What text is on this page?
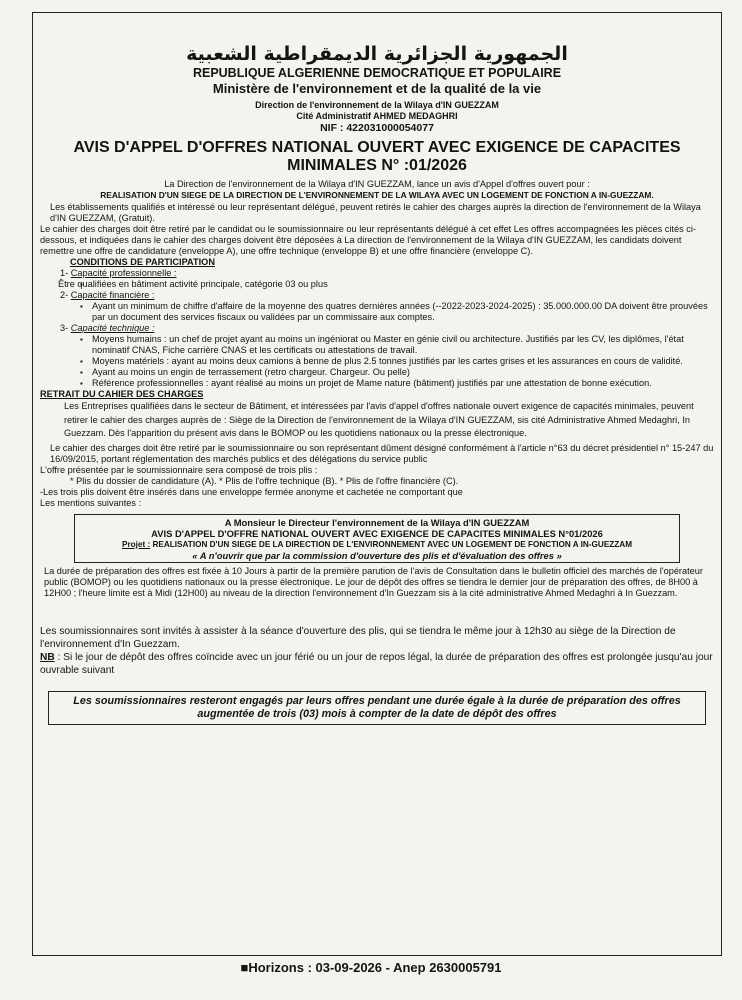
الجمهورية الجزائرية الديمقراطية الشعبية
REPUBLIQUE ALGERIENNE DEMOCRATIQUE ET POPULAIRE
Ministère de l'environnement et de la qualité de la vie
Direction de l'environnement de la Wilaya d'IN GUEZZAM
Cité Administratif AHMED MEDAGHRI
NIF : 422031000054077
AVIS D'APPEL D'OFFRES NATIONAL OUVERT AVEC EXIGENCE DE CAPACITES MINIMALES N° :01/2026
La Direction de l'environnement de la Wilaya d'IN GUEZZAM, lance un avis d'Appel d'offres ouvert pour :
REALISATION D'UN SIEGE DE LA DIRECTION DE L'ENVIRONNEMENT DE LA WILAYA AVEC UN LOGEMENT DE FONCTION A IN-GUEZZAM.
Les établissements qualifiés et intéressé ou leur représentant délégué, peuvent retirés le cahier des charges auprès la direction de l'environnement de la Wilaya d'IN GUEZZAM, (Gratuit).
Le cahier des charges doit être retiré par le candidat ou le soumissionnaire ou leur représentants délégué à cet effet Les offres accompagnées les pièces cités ci-dessous, et indiquées dans le cahier des charges doivent être déposées à La direction de l'environnement de la Wilaya d'IN GUEZZAM, les candidats doivent remettre une offre de candidature (enveloppe A), une offre technique (enveloppe B) et une offre financière (enveloppe C).
CONDITIONS DE PARTICIPATION
1- Capacité professionnelle :
▪ Être qualifiées en bâtiment activité principale, catégorie 03 ou plus
2- Capacité financière :
▪ Ayant un minimum de chiffre d'affaire de la moyenne des quatres dernières années (--2022-2023-2024-2025) : 35.000.000.00 DA doivent être prouvées par un document des services fiscaux ou validées par un commissaire aux comptes.
3- Capacité technique :
▪ Moyens humains : un chef de projet ayant au moins un ingéniorat ou Master en génie civil ou architecture. Justifiés par les CV, les diplômes, l'état nominatif CNAS, Fiche carrière CNAS et les certificats ou attestations de travail.
▪ Moyens matériels : ayant au moins deux camions à benne de plus 2.5 tonnes justifiés par les cartes grises et les assurances en cours de validité.
▪ Ayant au moins un engin de terrassement (retro chargeur. Chargeur. Ou pelle)
▪ Référence professionnelles : ayant réalisé au moins un projet de Mame nature (bâtiment) justifiés par une attestation de bonne exécution.
RETRAIT DU CAHIER DES CHARGES
Les Entreprises qualifiées dans le secteur de Bâtiment, et intéressées par l'avis d'appel d'offres nationale ouvert exigence de capacités minimales, peuvent retirer le cahier des charges auprès de : Siège de la Direction de l'environnement de la Wilaya d'IN GUEZZAM, sis cité Administrative Ahmed Medaghri, In Guezzam. Dès l'apparition du présent avis dans le BOMOP ou les quotidiens nationaux ou la presse électronique.
Le cahier des charges doit être retiré par le soumissionnaire ou son représentant dûment désigné conformément à l'article n°63 du décret présidentiel n° 15-247 du 16/09/2015, portant réglementation des marchés publics et des délégations du service public
L'offre présentée par le soumissionnaire sera composé de trois plis :
* Plis du dossier de candidature (A). * Plis de l'offre technique (B). * Plis de l'offre financière (C).
-Les trois plis doivent être insérés dans une enveloppe fermée anonyme et cachetée ne comportant que
Les mentions suivantes :
A Monsieur le Directeur l'environnement de la Wilaya d'IN GUEZZAM
AVIS D'APPEL D'OFFRE NATIONAL OUVERT AVEC EXIGENCE DE CAPACITES MINIMALES N°01/2026
Projet : REALISATION D'UN SIEGE DE LA DIRECTION DE L'ENVIRONNEMENT AVEC UN LOGEMENT DE FONCTION A IN-GUEZZAM
« A n'ouvrir que par la commission d'ouverture des plis et d'évaluation des offres »
La durée de préparation des offres est fixée à 10 Jours à partir de la première parution de l'avis de Consultation dans le bulletin officiel des marchés de l'opérateur public (BOMOP) ou les quotidiens nationaux ou la presse électronique. Le jour de dépôt des offres se tiendra le dernier jour de préparation des offres, de 8H00 à 12H00 ; l'heure limite est à Midi (12H00) au niveau de la direction l'environnement d'In Guezzam sis à la cité administrative Ahmed Medaghri à In Guezzam.
Les soumissionnaires sont invités à assister à la séance d'ouverture des plis, qui se tiendra le même jour à 12h30 au siège de la Direction de l'environnement d'In Guezzam.
NB : Si le jour de dépôt des offres coïncide avec un jour férié ou un jour de repos légal, la durée de préparation des offres est prolongée jusqu'au jour ouvrable suivant
Les soumissionnaires resteront engagés par leurs offres pendant une durée égale à la durée de préparation des offres augmentée de trois (03) mois à compter de la date de dépôt des offres
■Horizons : 03-09-2026 - Anep 2630005791
